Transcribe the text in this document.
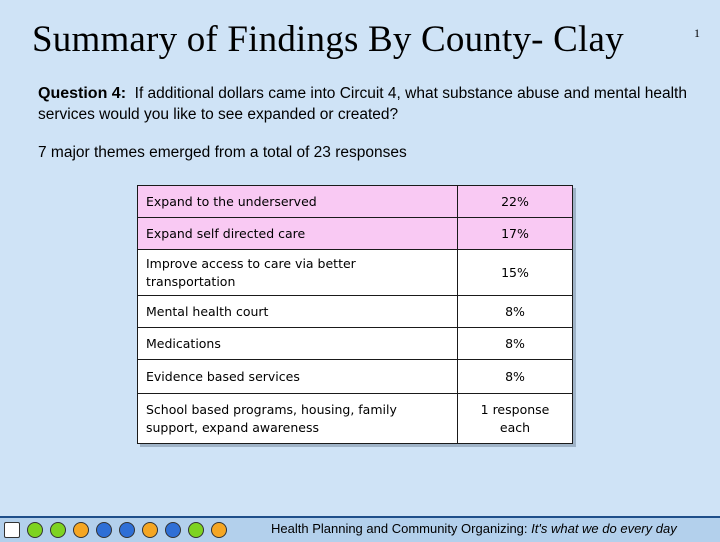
Summary of Findings By County- Clay	1
Question 4: If additional dollars came into Circuit 4, what substance abuse and mental health services would you like to see expanded or created?
7 major themes emerged from a total of 23 responses
Expand to the underserved	22%
Expand self directed care	17%
Improve access to care via better transportation	15%
Mental health court	8%
Medications	8%
Evidence based services	8%
School based programs, housing, family support, expand awareness	1 response each
Health Planning and Community Organizing: It's what we do every day
